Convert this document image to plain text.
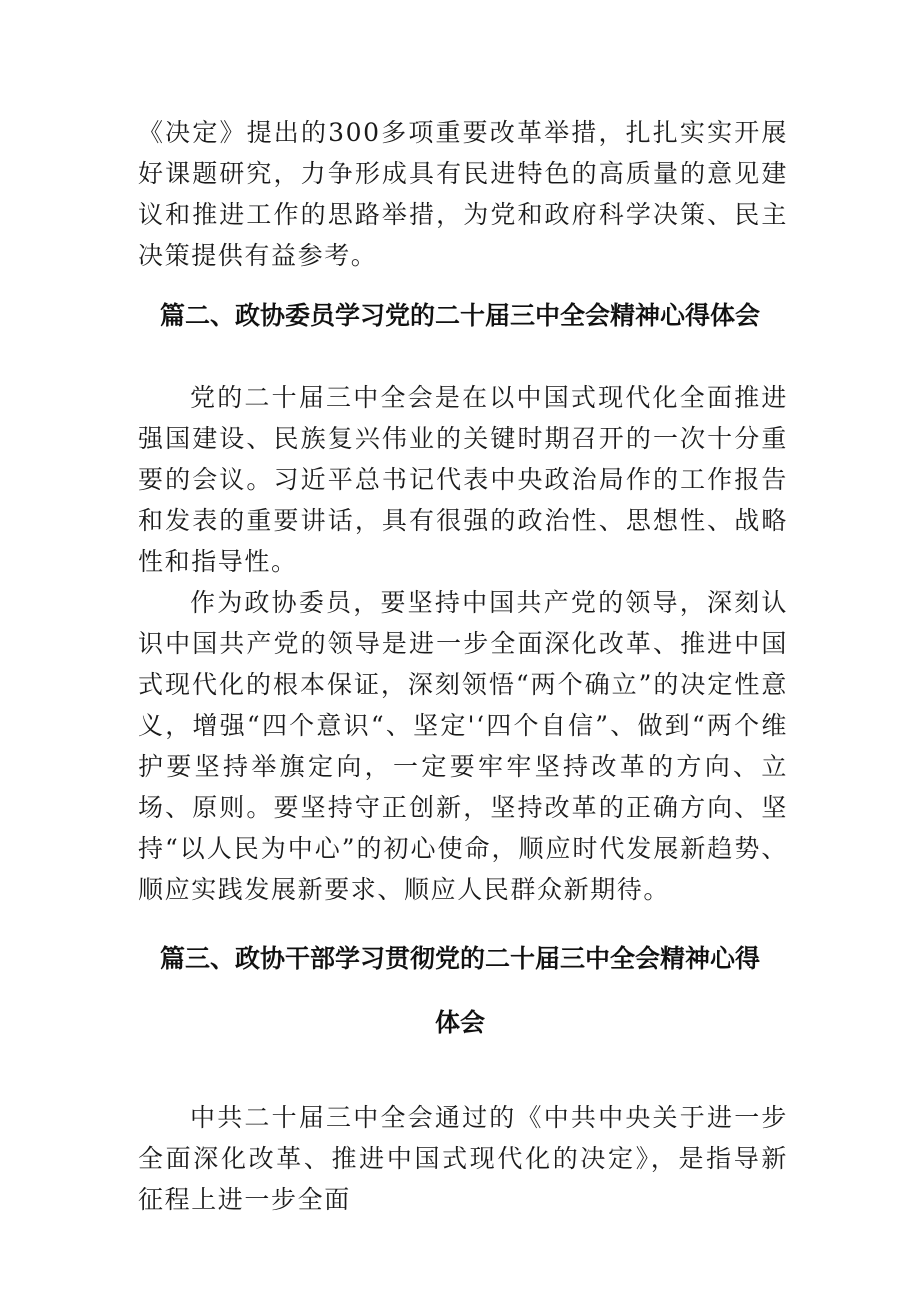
《决定》提出的300多项重要改革举措，扎扎实实开展好课题研究，力争形成具有民进特色的高质量的意见建议和推进工作的思路举措，为党和政府科学决策、民主决策提供有益参考。

篇二、政协委员学习党的二十届三中全会精神心得体会

党的二十届三中全会是在以中国式现代化全面推进强国建设、民族复兴伟业的关键时期召开的一次十分重要的会议。习近平总书记代表中央政治局作的工作报告和发表的重要讲话，具有很强的政治性、思想性、战略性和指导性。

作为政协委员，要坚持中国共产党的领导，深刻认识中国共产党的领导是进一步全面深化改革、推进中国式现代化的根本保证，深刻领悟“两个确立”的决定性意义，增强“四个意识“、坚定'‘四个自信”、做到“两个维护要坚持举旗定向，一定要牢牢坚持改革的方向、立场、原则。要坚持守正创新，坚持改革的正确方向、坚持“以人民为中心”的初心使命，顺应时代发展新趋势、顺应实践发展新要求、顺应人民群众新期待。

篇三、政协干部学习贯彻党的二十届三中全会精神心得体会

中共二十届三中全会通过的《中共中央关于进一步全面深化改革、推进中国式现代化的决定》，是指导新征程上进一步全面
